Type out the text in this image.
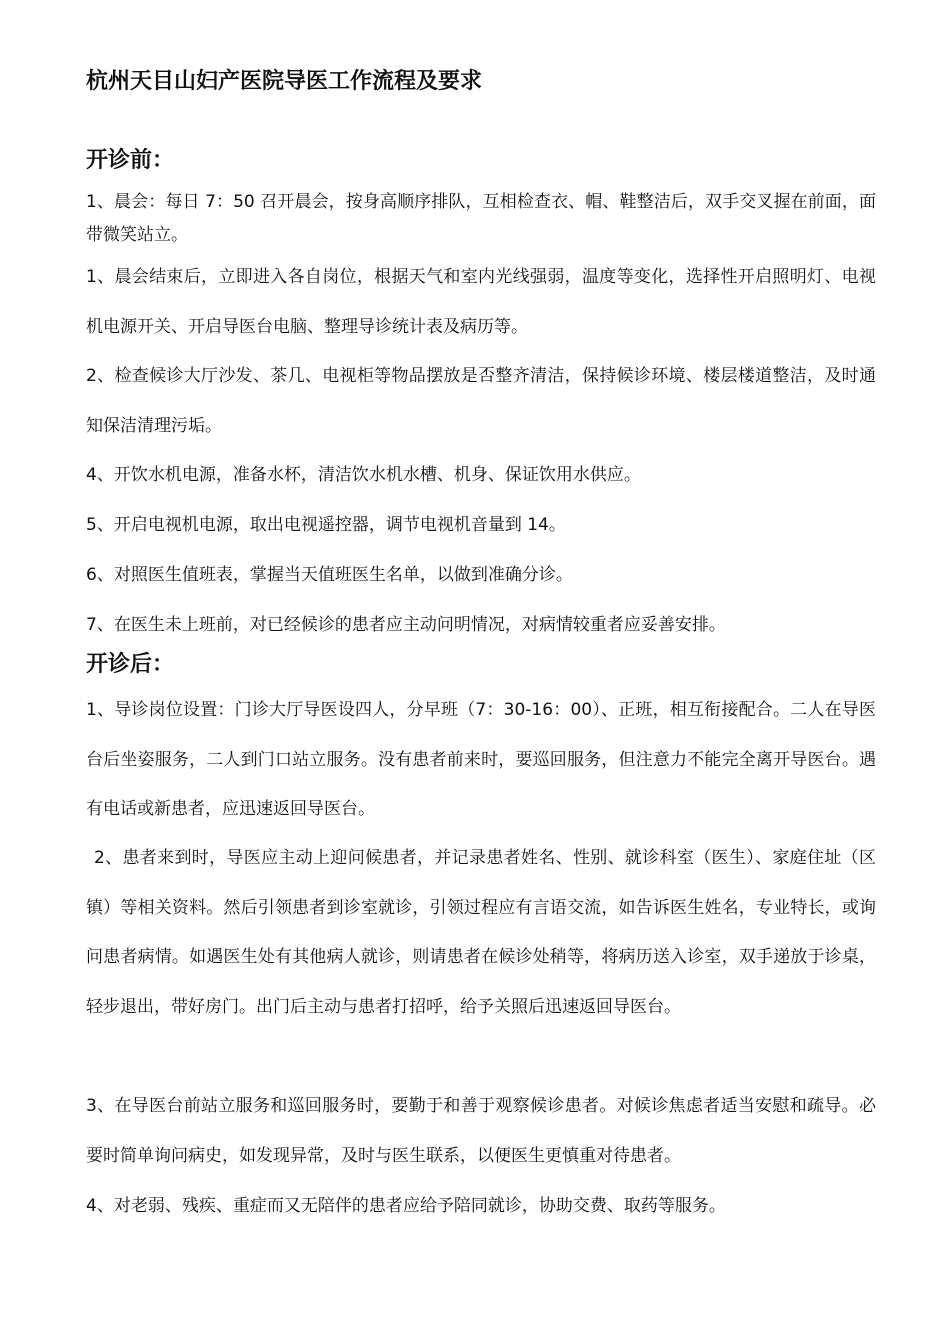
杭州天目山妇产医院导医工作流程及要求
开诊前：

1、晨会：每日 7：50 召开晨会，按身高顺序排队，互相检查衣、帽、鞋整洁后，双手交叉握在前面，面带微笑站立。

1、晨会结束后，立即进入各自岗位，根据天气和室内光线强弱，温度等变化，选择性开启照明灯、电视机电源开关、开启导医台电脑、整理导诊统计表及病历等。

2、检查候诊大厅沙发、茶几、电视柜等物品摆放是否整齐清洁，保持候诊环境、楼层楼道整洁，及时通知保洁清理污垢。

4、开饮水机电源，准备水杯，清洁饮水机水槽、机身、保证饮用水供应。

5、开启电视机电源，取出电视遥控器，调节电视机音量到 14。

6、对照医生值班表，掌握当天值班医生名单，以做到准确分诊。

7、在医生未上班前，对已经候诊的患者应主动问明情况，对病情较重者应妥善安排。

开诊后：

1、导诊岗位设置：门诊大厅导医设四人，分早班（7：30-16：00）、正班，相互衔接配合。二人在导医台后坐姿服务，二人到门口站立服务。没有患者前来时，要巡回服务，但注意力不能完全离开导医台。遇有电话或新患者，应迅速返回导医台。

2、患者来到时，导医应主动上迎问候患者，并记录患者姓名、性别、就诊科室（医生）、家庭住址（区镇）等相关资料。然后引领患者到诊室就诊，引领过程应有言语交流，如告诉医生姓名，专业特长，或询问患者病情。如遇医生处有其他病人就诊，则请患者在候诊处稍等，将病历送入诊室，双手递放于诊桌，轻步退出，带好房门。出门后主动与患者打招呼，给予关照后迅速返回导医台。

3、在导医台前站立服务和巡回服务时，要勤于和善于观察候诊患者。对候诊焦虑者适当安慰和疏导。必要时简单询问病史，如发现异常，及时与医生联系，以便医生更慎重对待患者。

4、对老弱、残疾、重症而又无陪伴的患者应给予陪同就诊，协助交费、取药等服务。
